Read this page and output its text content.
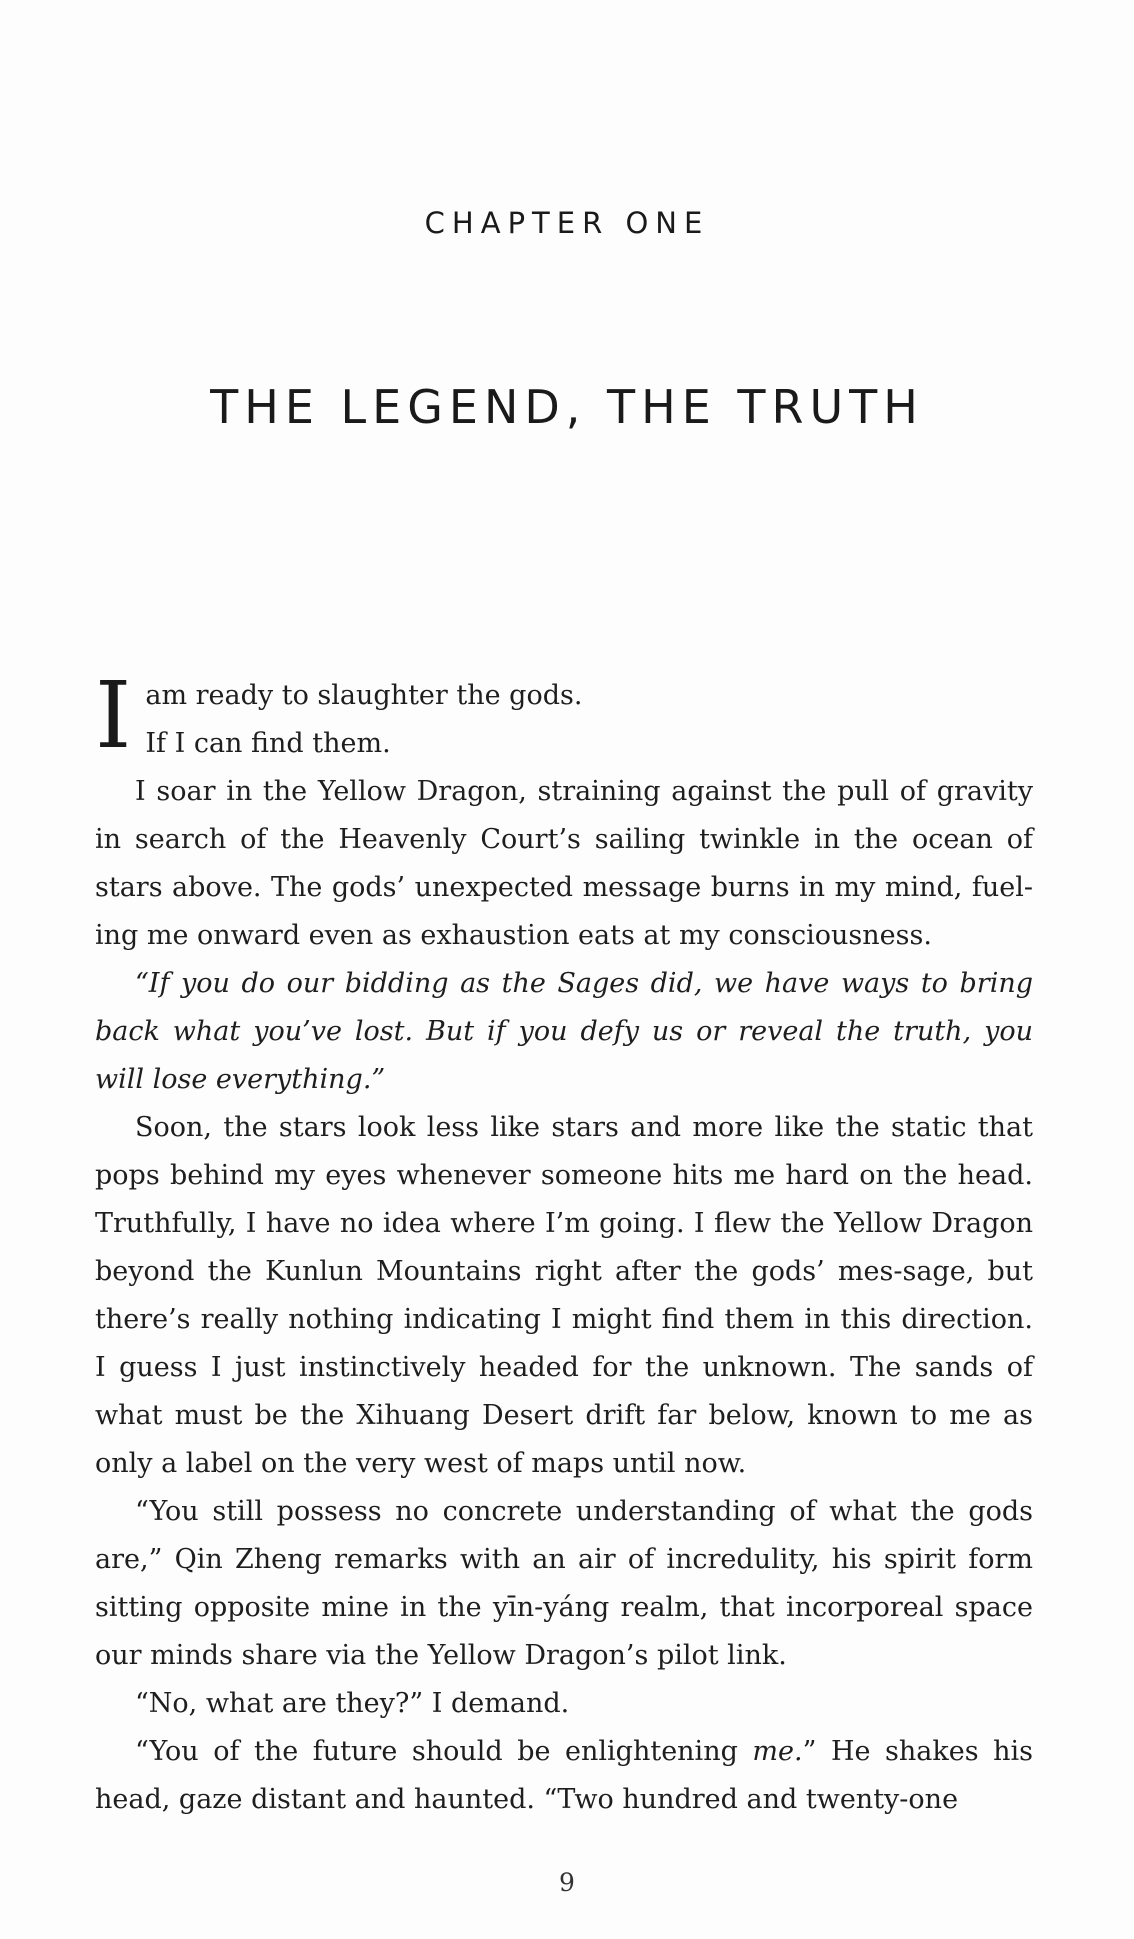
CHAPTER ONE
THE LEGEND, THE TRUTH

Iam ready to slaughter the gods.
If I can find them.

I soar in the Yellow Dragon, straining against the pull of gravity in search of the Heavenly Court’s sailing twinkle in the ocean of stars above. The gods’ unexpected message burns in my mind, fuel-ing me onward even as exhaustion eats at my consciousness.

“If you do our bidding as the Sages did, we have ways to bring back what you’ve lost. But if you defy us or reveal the truth, you will lose everything.”

Soon, the stars look less like stars and more like the static that pops behind my eyes whenever someone hits me hard on the head. Truthfully, I have no idea where I’m going. I flew the Yellow Dragon beyond the Kunlun Mountains right after the gods’ mes-sage, but there’s really nothing indicating I might find them in this direction. I guess I just instinctively headed for the unknown. The sands of what must be the Xihuang Desert drift far below, known to me as only a label on the very west of maps until now.

“You still possess no concrete understanding of what the gods are,” Qin Zheng remarks with an air of incredulity, his spirit form sitting opposite mine in the yīn-yáng realm, that incorporeal space our minds share via the Yellow Dragon’s pilot link.

“No, what are they?” I demand.

“You of the future should be enlightening me.” He shakes his head, gaze distant and haunted. “Two hundred and twenty-one

9
